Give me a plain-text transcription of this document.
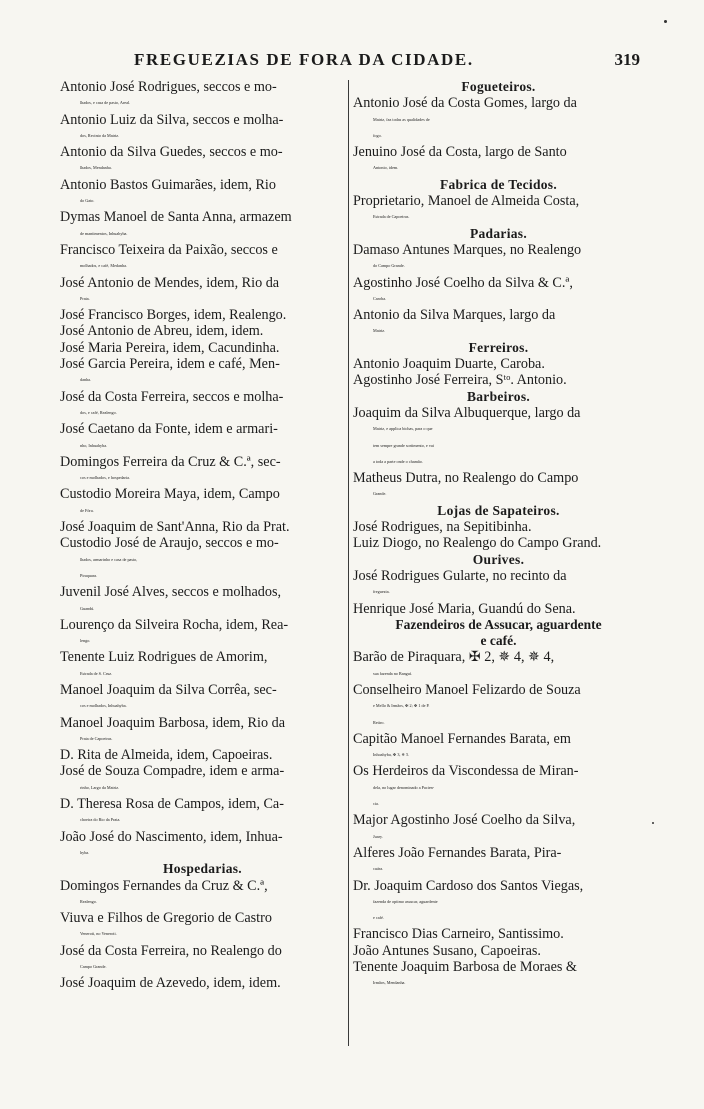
FREGUEZIAS DE FORA DA CIDADE.	319
Antonio José Rodrigues, seccos e mo-
lhados, e casa de pasto, Areal.
Antonio Luiz da Silva, seccos e molha-
dos, Recinto da Matriz.
Antonio da Silva Guedes, seccos e mo-
lhados, Mendanha.
Antonio Bastos Guimarães, idem, Rio
do Gato.
Dymas Manoel de Santa Anna, armazem
de mantimentos, Inhuahyba.
Francisco Teixeira da Paixão, seccos e
molhados, e café, Medanha.
José Antonio de Mendes, idem, Rio da
Prata.
José Francisco Borges, idem, Realengo.
José Antonio de Abreu, idem, idem.
José Maria Pereira, idem, Cacundinha.
José Garcia Pereira, idem e café, Men-
danha.
José da Costa Ferreira, seccos e molha-
dos, e café, Realengo.
José Caetano da Fonte, idem e armari-
nho, Inhuahyba.
Domingos Ferreira da Cruz & C.ª, sec-
cos e molhados, e hospedaria.
Custodio Moreira Maya, idem, Campo
de Fóra.
José Joaquim de Sant'Anna, Rio da Prat.
Custodio José de Araujo, seccos e mo-
lhados, armarinho e casa de pasto,
Piraquara.
Juvenil José Alves, seccos e molhados,
Guandú.
Lourenço da Silveira Rocha, idem, Rea-
lengo.
Tenente Luiz Rodrigues de Amorim,
Estrada de S. Cruz.
Manoel Joaquim da Silva Corrêa, sec-
cos e molhados, Inhuahyba.
Manoel Joaquim Barbosa, idem, Rio da
Prata de Capoeiras.
D. Rita de Almeida, idem, Capoeiras.
José de Souza Compadre, idem e arma-
rinho, Largo da Matriz.
D. Theresa Rosa de Campos, idem, Ca-
choeira do Rio da Prata.
João José do Nascimento, idem, Inhua-
hyba.
Hospedarias.
Domingos Fernandes da Cruz & C.ª,
Realengo.
Viuva e Filhos de Gregorio de Castro
Veneroti, no Veneroti.
José da Costa Ferreira, no Realengo do
Campo Grande.
José Joaquim de Azevedo, idem, idem.
Fogueteiros.
Antonio José da Costa Gomes, largo da
Matriz, faz todas as qualidades de
fogo.
Jenuino José da Costa, largo de Santo
Antonio, idem.
Fabrica de Tecidos.
Proprietario, Manoel de Almeida Costa,
Estrada de Capoeiras.
Padarias.
Damaso Antunes Marques, no Realengo
do Campo Grande.
Agostinho José Coelho da Silva & C.ª,
Caroba.
Antonio da Silva Marques, largo da
Matriz.
Ferreiros.
Antonio Joaquim Duarte, Caroba.
Agostinho José Ferreira, Sᵗᵒ. Antonio.
Barbeiros.
Joaquim da Silva Albuquerque, largo da
Matriz, e applica bichas, para o que
tem sempre grande sortimento, e vai
a toda a parte onde o chamão.
Matheus Dutra, no Realengo do Campo
Grande.
Lojas de Sapateiros.
José Rodrigues, na Sepitibinha.
Luiz Diogo, no Realengo do Campo Grand.
Ourives.
José Rodrigues Gularte, no recinto da
freguezia.
Henrique José Maria, Guandú do Sena.
Fazendeiros de Assucar, aguardente
e café.
Barão de Piraquara, ✠ 2, ✵ 4, ✵ 4,
sua fazenda no Banguí.
Conselheiro Manoel Felizardo de Souza
e Mello & Irmãos, ✠ 2; ✠ 1 de P.
Retiro.
Capitão Manoel Fernandes Barata, em
Inhoahyba, ✠ 3, ✵ 5.
Os Herdeiros da Viscondessa de Miran-
dela, no lugar denominado a Pacien-
cia.
Major Agostinho José Coelho da Silva,
Juary.
Alferes João Fernandes Barata, Pira-
cuára.
Dr. Joaquim Cardoso dos Santos Viegas,
fazenda de optimo assucar, aguardente
e café.
Francisco Dias Carneiro, Santissimo.
João Antunes Susano, Capoeiras.
Tenente Joaquim Barbosa de Moraes &
Irmãos, Mendanha.
